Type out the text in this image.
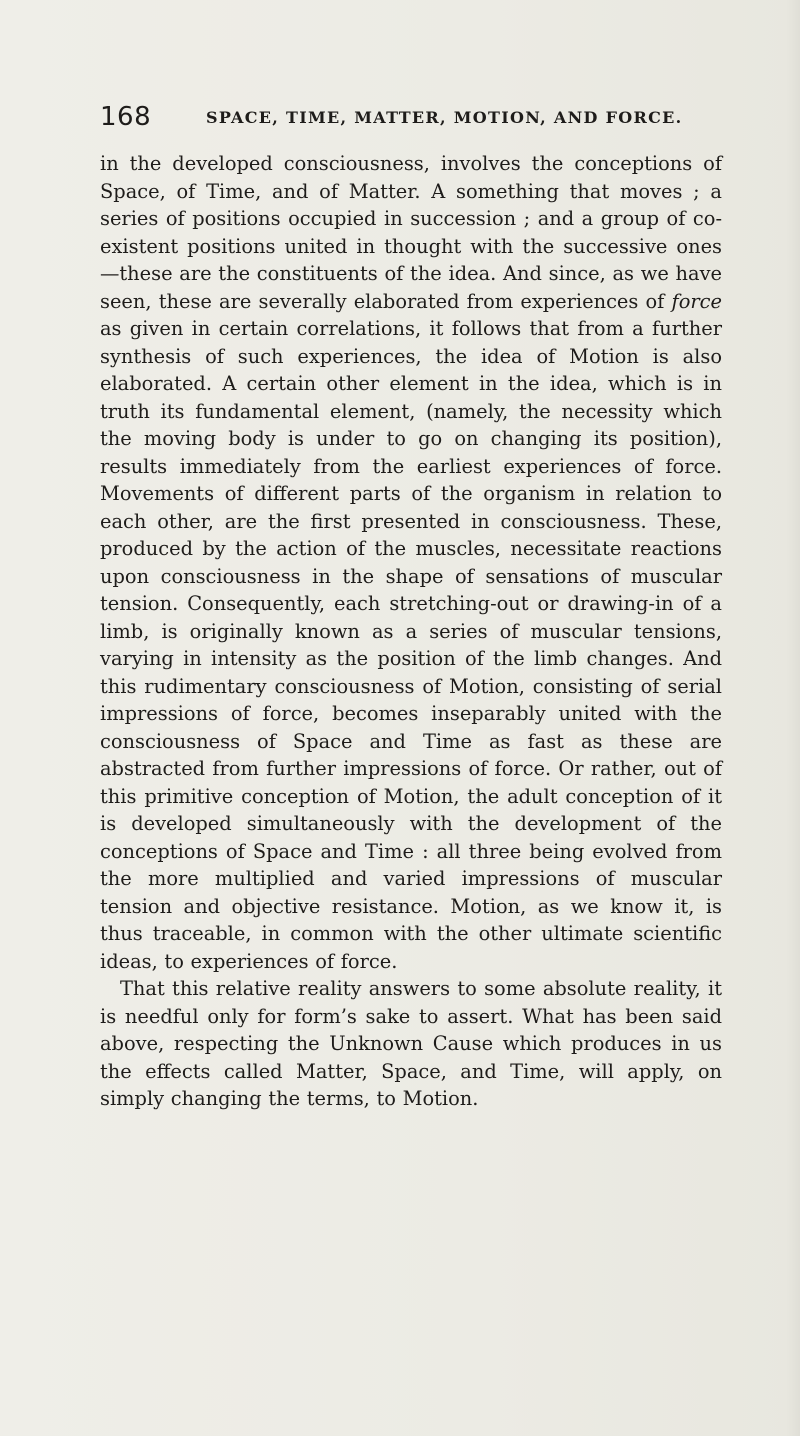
168	SPACE, TIME, MATTER, MOTION, AND FORCE.

in the developed consciousness, involves the conceptions of Space, of Time, and of Matter. A something that moves ; a series of positions occupied in succession ; and a group of co-existent positions united in thought with the successive ones —these are the constituents of the idea. And since, as we have seen, these are severally elaborated from experiences of force as given in certain correlations, it follows that from a further synthesis of such experiences, the idea of Motion is also elaborated. A certain other element in the idea, which is in truth its fundamental element, (namely, the necessity which the moving body is under to go on changing its position), results immediately from the earliest experiences of force. Movements of different parts of the organism in relation to each other, are the first presented in consciousness. These, produced by the action of the muscles, necessitate reactions upon consciousness in the shape of sensations of muscular tension. Consequently, each stretching-out or drawing-in of a limb, is originally known as a series of muscular tensions, varying in intensity as the position of the limb changes. And this rudimentary consciousness of Motion, consisting of serial impressions of force, becomes inseparably united with the consciousness of Space and Time as fast as these are abstracted from further impressions of force. Or rather, out of this primitive conception of Motion, the adult conception of it is developed simultaneously with the development of the conceptions of Space and Time : all three being evolved from the more multiplied and varied impressions of muscular tension and objective resistance. Motion, as we know it, is thus traceable, in common with the other ultimate scientific ideas, to experiences of force.

That this relative reality answers to some absolute reality, it is needful only for form’s sake to assert. What has been said above, respecting the Unknown Cause which produces in us the effects called Matter, Space, and Time, will apply, on simply changing the terms, to Motion.
